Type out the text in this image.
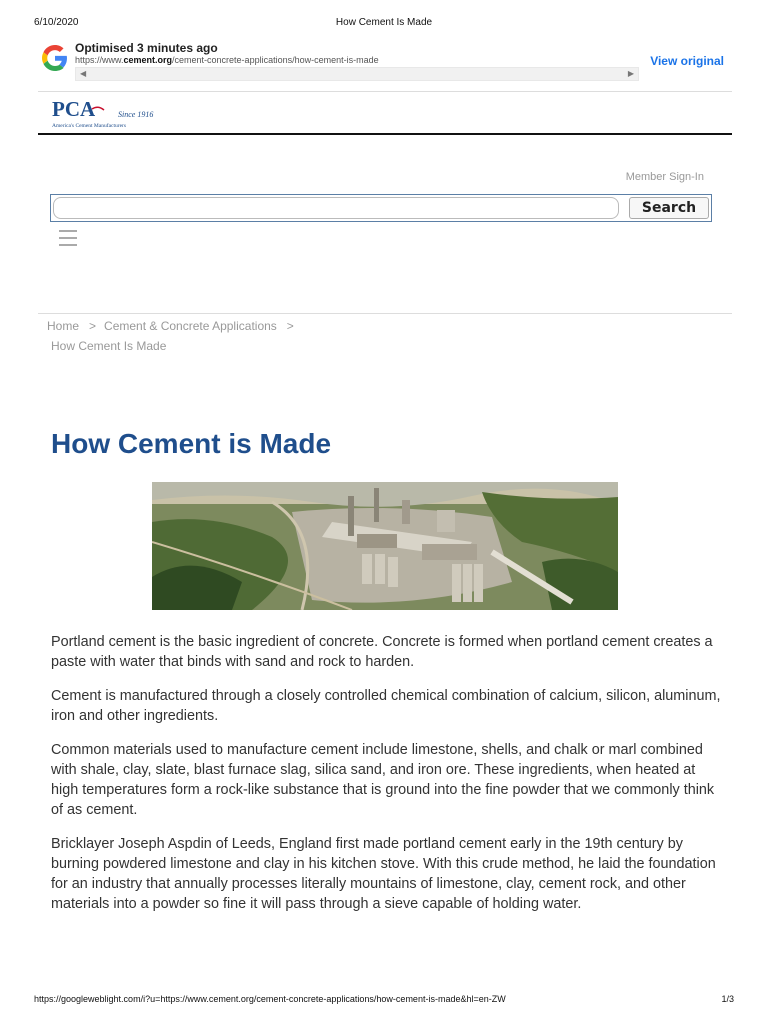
6/10/2020	How Cement Is Made
Optimised 3 minutes ago
https://www.cement.org/cement-concrete-applications/how-cement-is-made
◀	▶
View original
PCA	Since 1916
America's Cement Manufacturers
Member Sign-In
Search
Home > Cement & Concrete Applications >
How Cement Is Made
How Cement is Made

Portland cement is the basic ingredient of concrete. Concrete is formed when portland cement creates a paste with water that binds with sand and rock to harden.

Cement is manufactured through a closely controlled chemical combination of calcium, silicon, aluminum, iron and other ingredients.

Common materials used to manufacture cement include limestone, shells, and chalk or marl combined with shale, clay, slate, blast furnace slag, silica sand, and iron ore. These ingredients, when heated at high temperatures form a rock-like substance that is ground into the fine powder that we commonly think of as cement.

Bricklayer Joseph Aspdin of Leeds, England first made portland cement early in the 19th century by burning powdered limestone and clay in his kitchen stove. With this crude method, he laid the foundation for an industry that annually processes literally mountains of limestone, clay, cement rock, and other materials into a powder so fine it will pass through a sieve capable of holding water.

https://googleweblight.com/i?u=https://www.cement.org/cement-concrete-applications/how-cement-is-made&hl=en-ZW	1/3
